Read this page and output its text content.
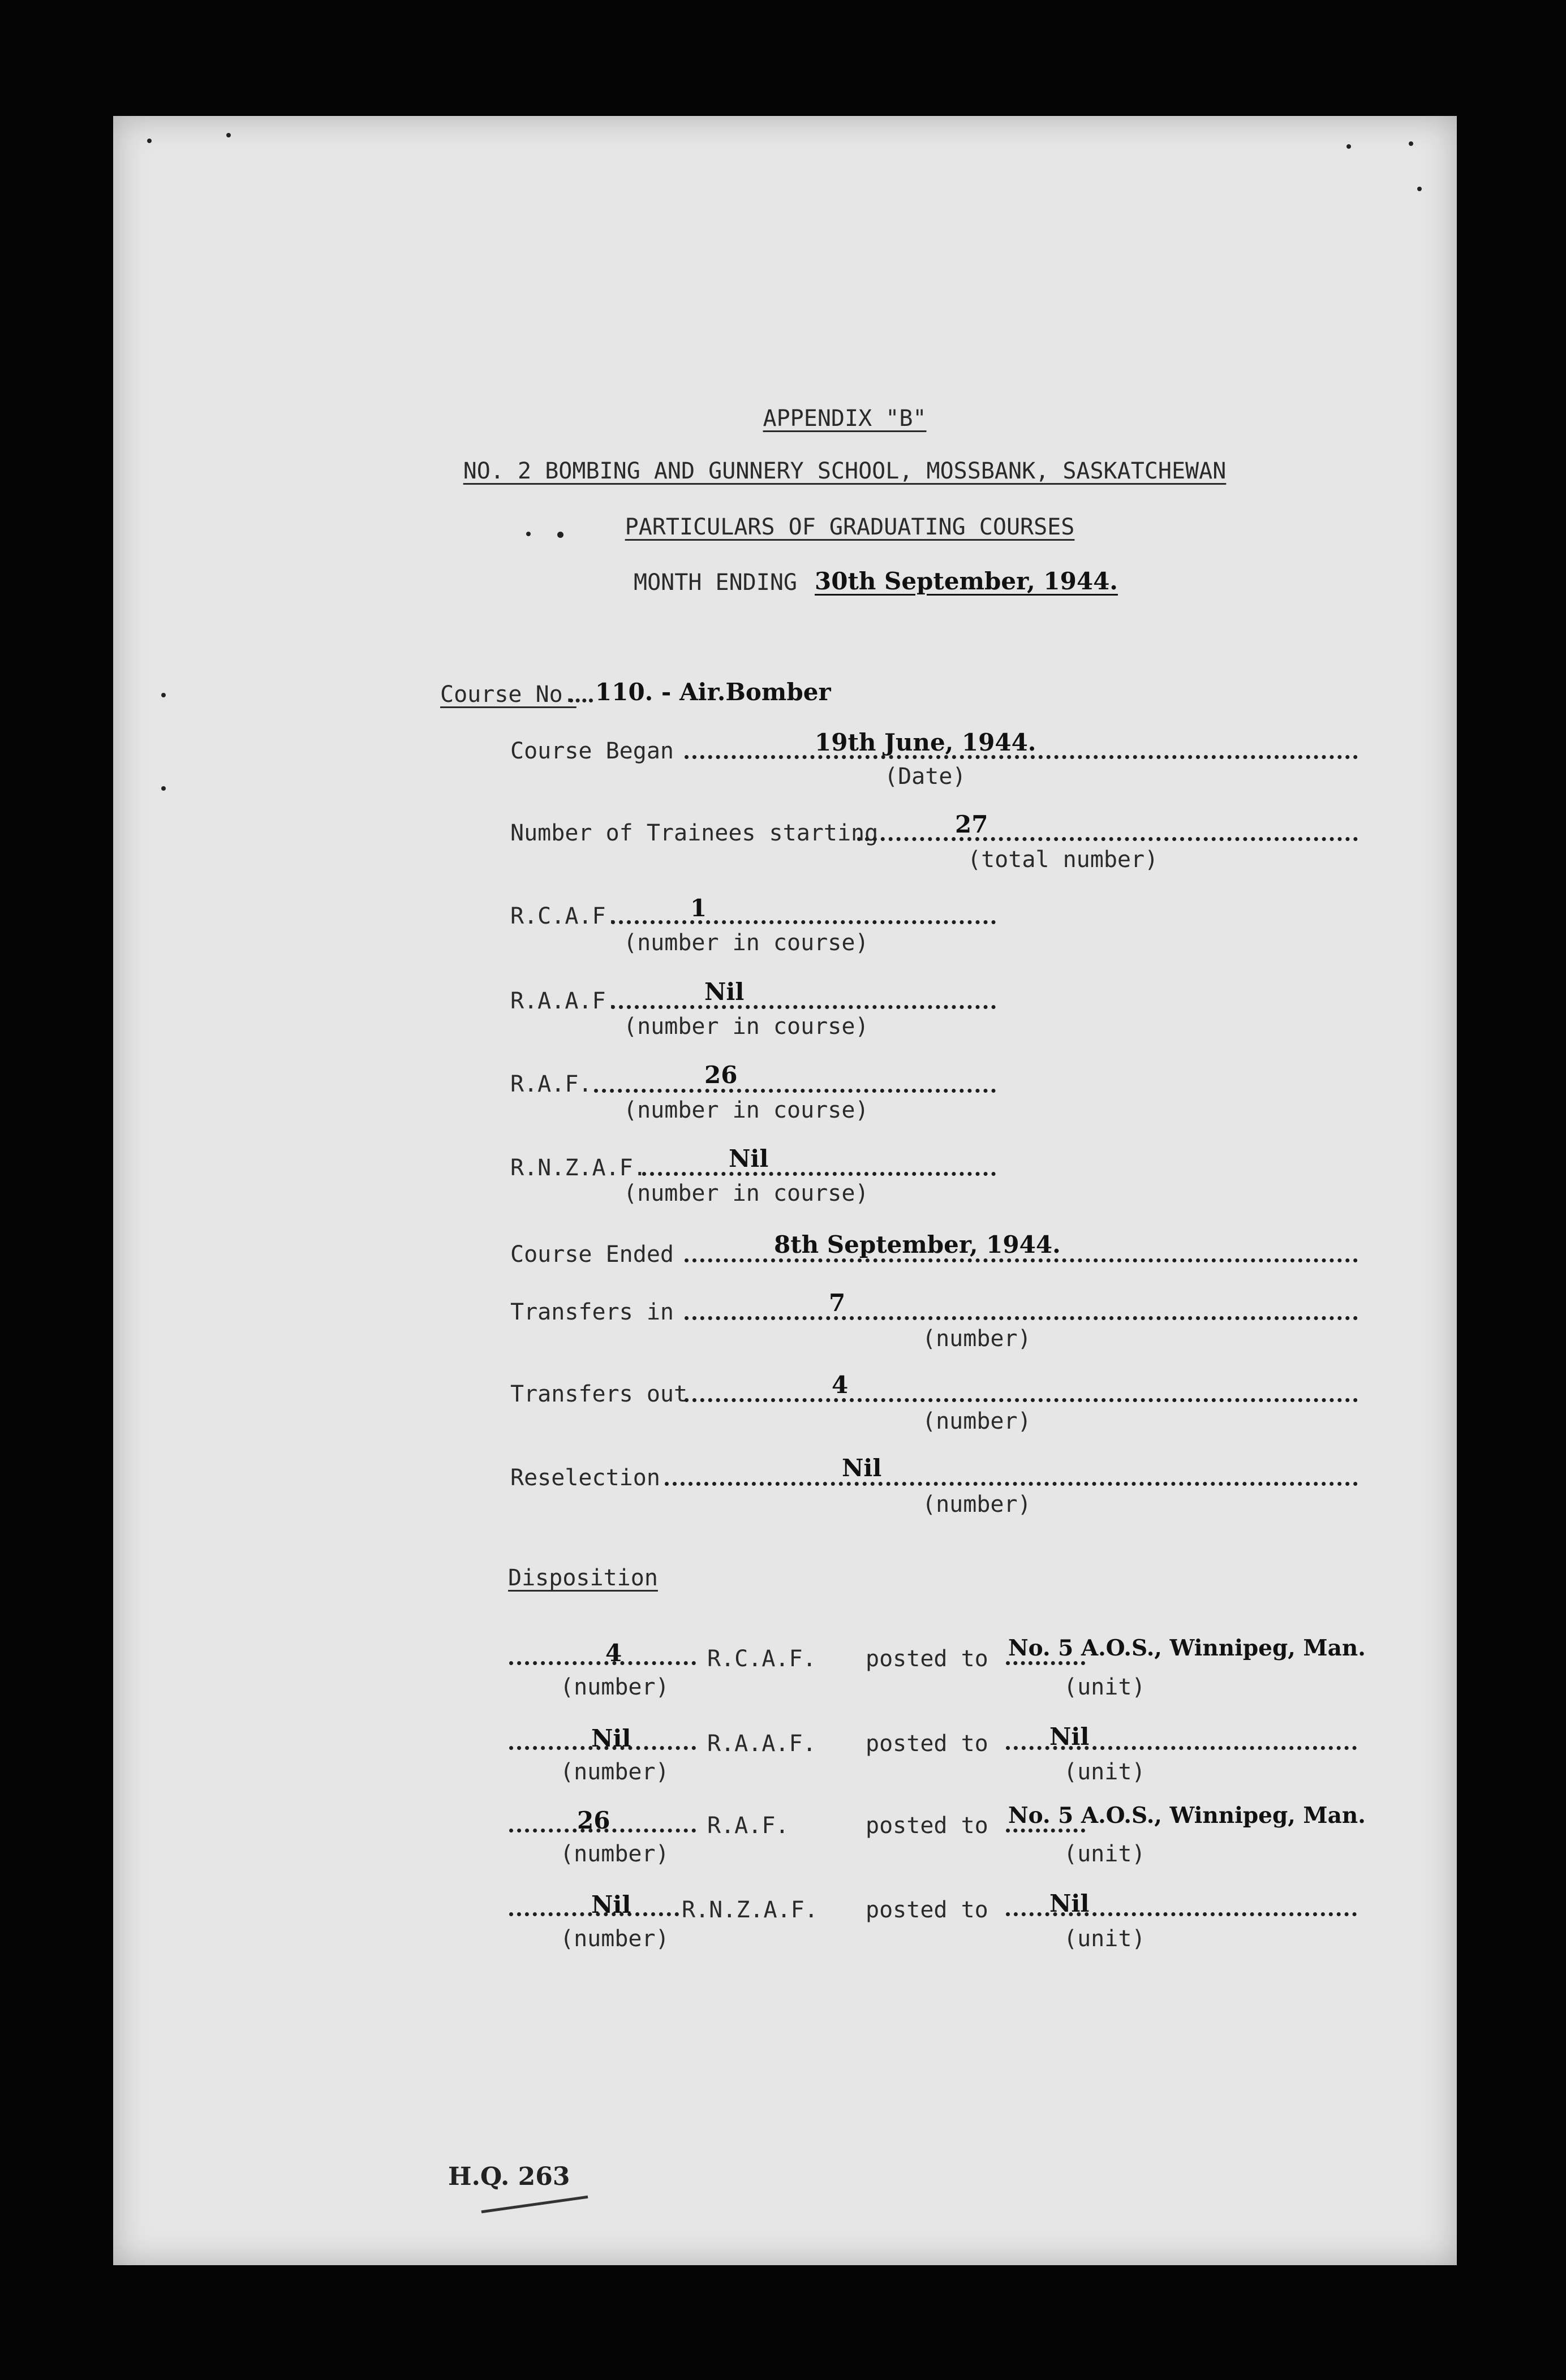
APPENDIX "B"
NO. 2 BOMBING AND GUNNERY SCHOOL, MOSSBANK, SASKATCHEWAN
PARTICULARS OF GRADUATING COURSES
MONTH ENDING 30th September, 1944.
Course No. 110. - Air.Bomber
Course Began	19th June, 1944.
(Date)
Number of Trainees starting	27
(total number)
R.C.A.F.	1
(number in course)
R.A.A.F.	Nil
(number in course)
R.A.F.	26
(number in course)
R.N.Z.A.F.	Nil
(number in course)
Course Ended	8th September, 1944.
Transfers in	7
(number)
Transfers out	4
(number)
Reselection	Nil
(number)
Disposition
4	R.C.A.F. posted to No. 5 A.O.S., Winnipeg, Man.
(number)	(unit)
Nil	R.A.A.F. posted to	Nil
(number)	(unit)
26	R.A.F.	posted to No. 5 A.O.S., Winnipeg, Man.
(number)	(unit)
Nil R.N.Z.A.F. posted to	Nil
(number)	(unit)
H.Q. 263
